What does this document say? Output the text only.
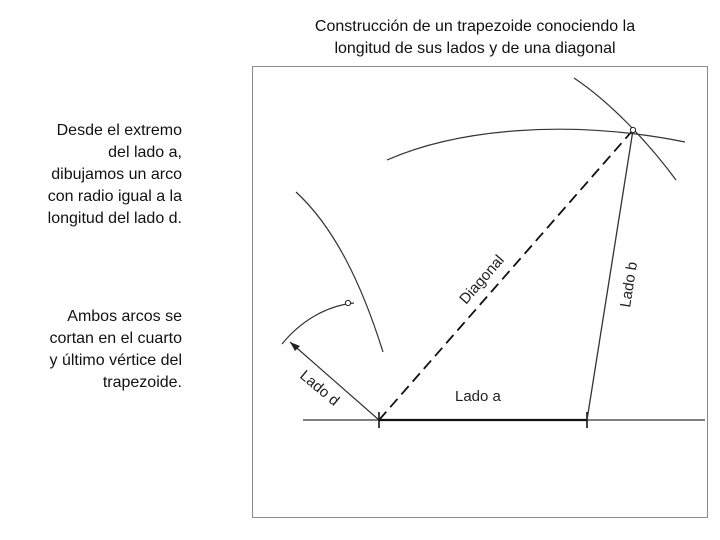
Construcción de un trapezoide conociendo la
longitud de sus lados y de una diagonal
Desde el extremo del lado a, dibujamos un arco con radio igual a la longitud del lado d.
Ambos arcos se cortan en el cuarto y último vértice del trapezoide.
Lado a
Lado b
Lado d
Diagonal
